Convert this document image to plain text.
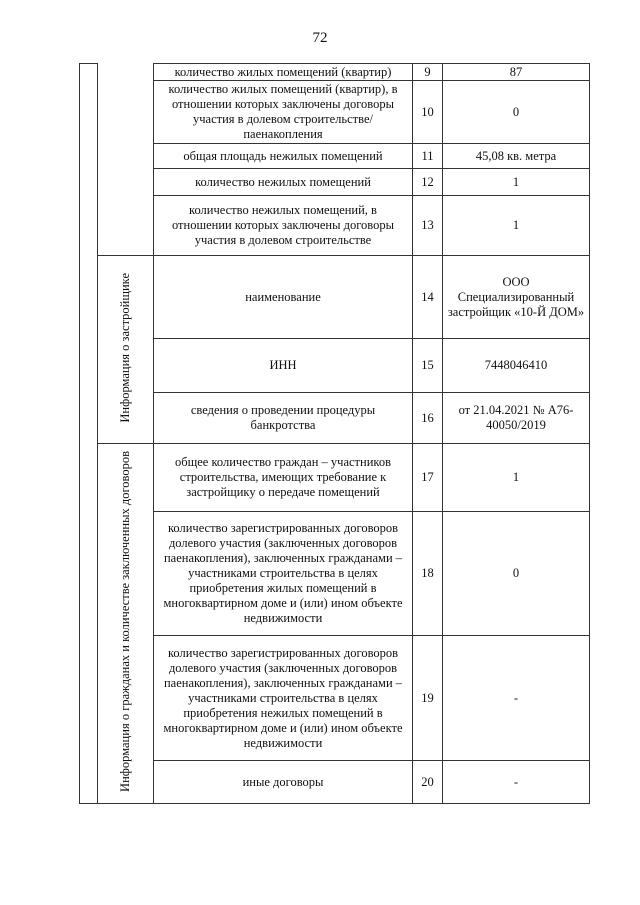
72
		количество жилых помещений (квартир)	9	87
		количество жилых помещений (квартир), в отношении которых заключены договоры участия в долевом строительстве/паенакопления	10	0
		общая площадь нежилых помещений	11	45,08 кв. метра
		количество нежилых помещений	12	1
		количество нежилых помещений, в отношении которых заключены договоры участия в долевом строительстве	13	1
	Информация о застройщике	наименование	14	ООО Специализированный застройщик «10-Й ДОМ»
		ИНН	15	7448046410
		сведения о проведении процедуры банкротства	16	от 21.04.2021 № А76-40050/2019
	Информация о гражданах и количестве заключенных договоров	общее количество граждан – участников строительства, имеющих требование к застройщику о передаче помещений	17	1
		количество зарегистрированных договоров долевого участия (заключенных договоров паенакопления), заключенных гражданами – участниками строительства в целях приобретения жилых помещений в многоквартирном доме и (или) ином объекте недвижимости	18	0
		количество зарегистрированных договоров долевого участия (заключенных договоров паенакопления), заключенных гражданами – участниками строительства в целях приобретения нежилых помещений в многоквартирном доме и (или) ином объекте недвижимости	19	-
		иные договоры	20	-
